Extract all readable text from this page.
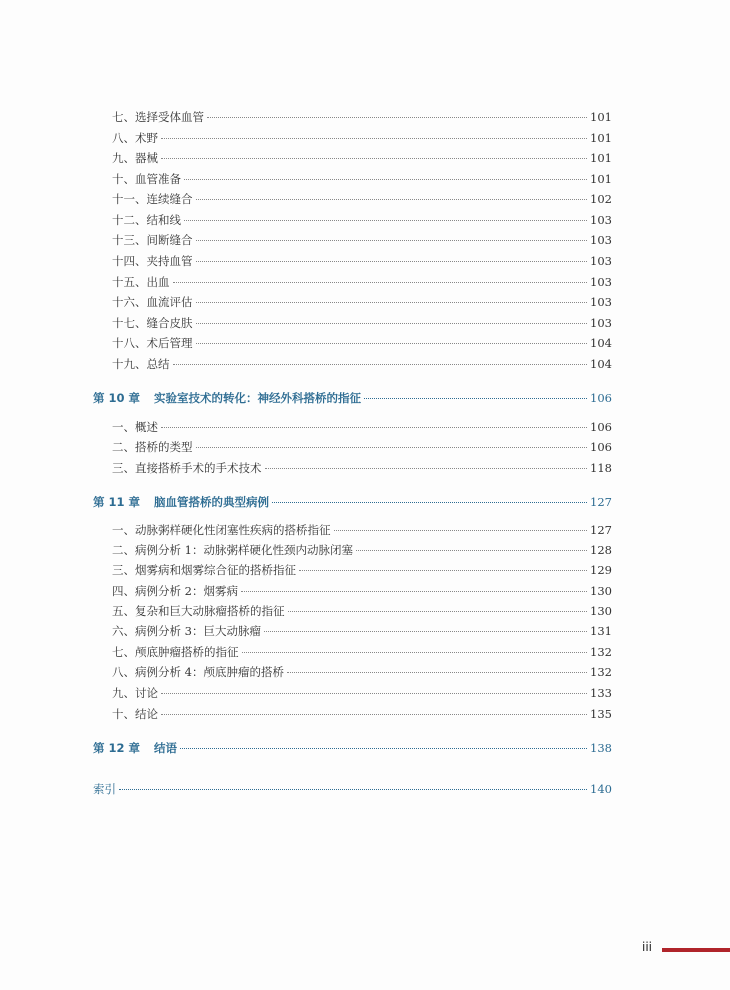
七、选择受体血管	101
八、术野	101
九、器械	101
十、血管准备	101
十一、连续缝合	102
十二、结和线	103
十三、间断缝合	103
十四、夹持血管	103
十五、出血	103
十六、血流评估	103
十七、缝合皮肤	103
十八、术后管理	104
十九、总结	104
第 10 章 实验室技术的转化：神经外科搭桥的指征	106
一、概述	106
二、搭桥的类型	106
三、直接搭桥手术的手术技术	118
第 11 章 脑血管搭桥的典型病例	127
一、动脉粥样硬化性闭塞性疾病的搭桥指征	127
二、病例分析 1：动脉粥样硬化性颈内动脉闭塞	128
三、烟雾病和烟雾综合征的搭桥指征	129
四、病例分析 2：烟雾病	130
五、复杂和巨大动脉瘤搭桥的指征	130
六、病例分析 3：巨大动脉瘤	131
七、颅底肿瘤搭桥的指征	132
八、病例分析 4：颅底肿瘤的搭桥	132
九、讨论	133
十、结论	135
第 12 章 结语	138
索引	140
iii
